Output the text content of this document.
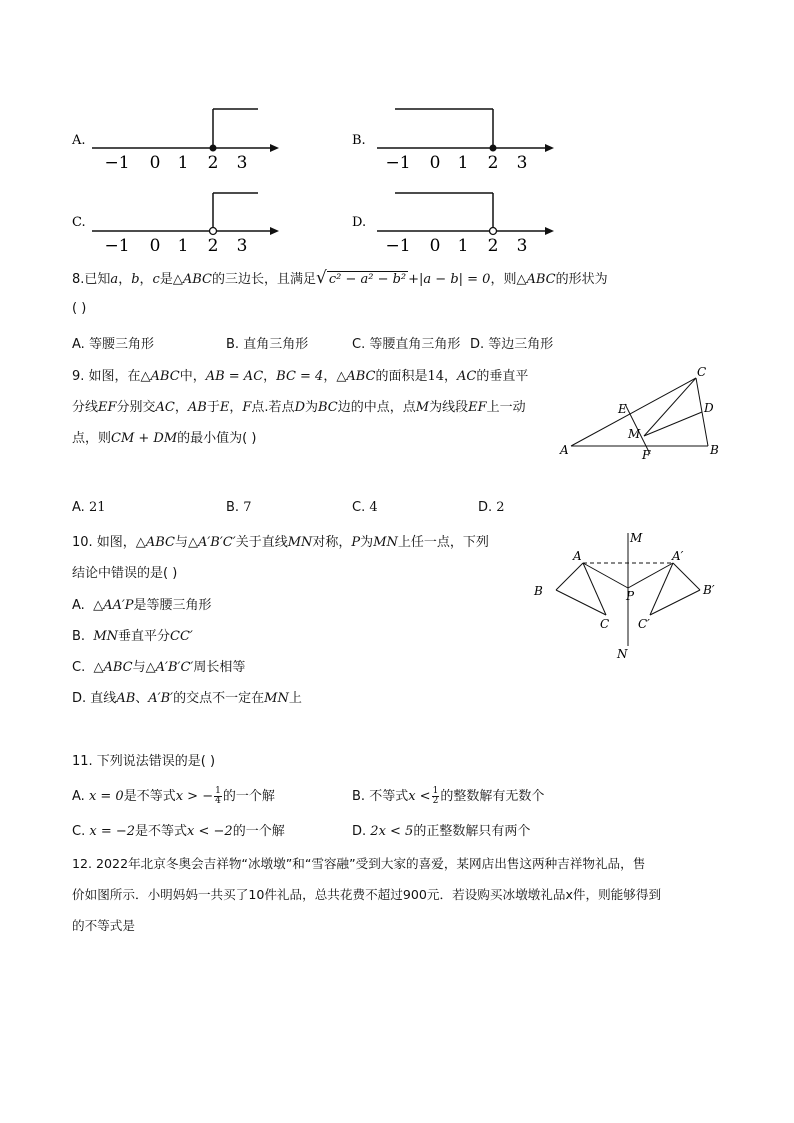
A.
−1 0 1 2 3
B.
−1 0 1 2 3
C.
−1 0 1 2 3
D.
−1 0 1 2 3
8.已知a，b，c是△ABC的三边长，且满足√ c² − a² − b² +|a − b| = 0，则△ABC的形状为
( )
A. 等腰三角形	B. 直角三角形	C. 等腰直角三角形 D. 等边三角形
9. 如图，在△ABC中，AB = AC，BC = 4，△ABC的面积是14，AC的垂直平
分线EF分别交AC，AB于E，F点.若点D为BC边的中点，点M为线段EF上一动
点，则CM + DM的最小值为( )
A	B
C
D
E
F
M
A. 21	B. 7	C. 4	D. 2
10. 如图，△ABC与△A′B′C′关于直线MN对称，P为MN上任一点，下列
结论中错误的是( )
A. △AA′P是等腰三角形
B. MN垂直平分CC′
C. △ABC与△A′B′C′周长相等
D. 直线AB、A′B′的交点不一定在MN上
M
N
A
B
C
P
A′
B′
C′
11. 下列说法错误的是( )
A. x = 0是不等式x > − $\frac{1}{4}$ 的一个解	B. 不等式$x < \frac{1}{2}$ 的整数解有无数个
C. x = −2是不等式x < −2的一个解	D. 2x < 5的正整数解只有两个
12. 2022年北京冬奥会吉祥物“冰墩墩”和“雪容融”受到大家的喜爱，某网店出售这两种吉祥物礼品，售
价如图所示．小明妈妈一共买了10件礼品，总共花费不超过900元．若设购买冰墩墩礼品x件，则能够得到
的不等式是
